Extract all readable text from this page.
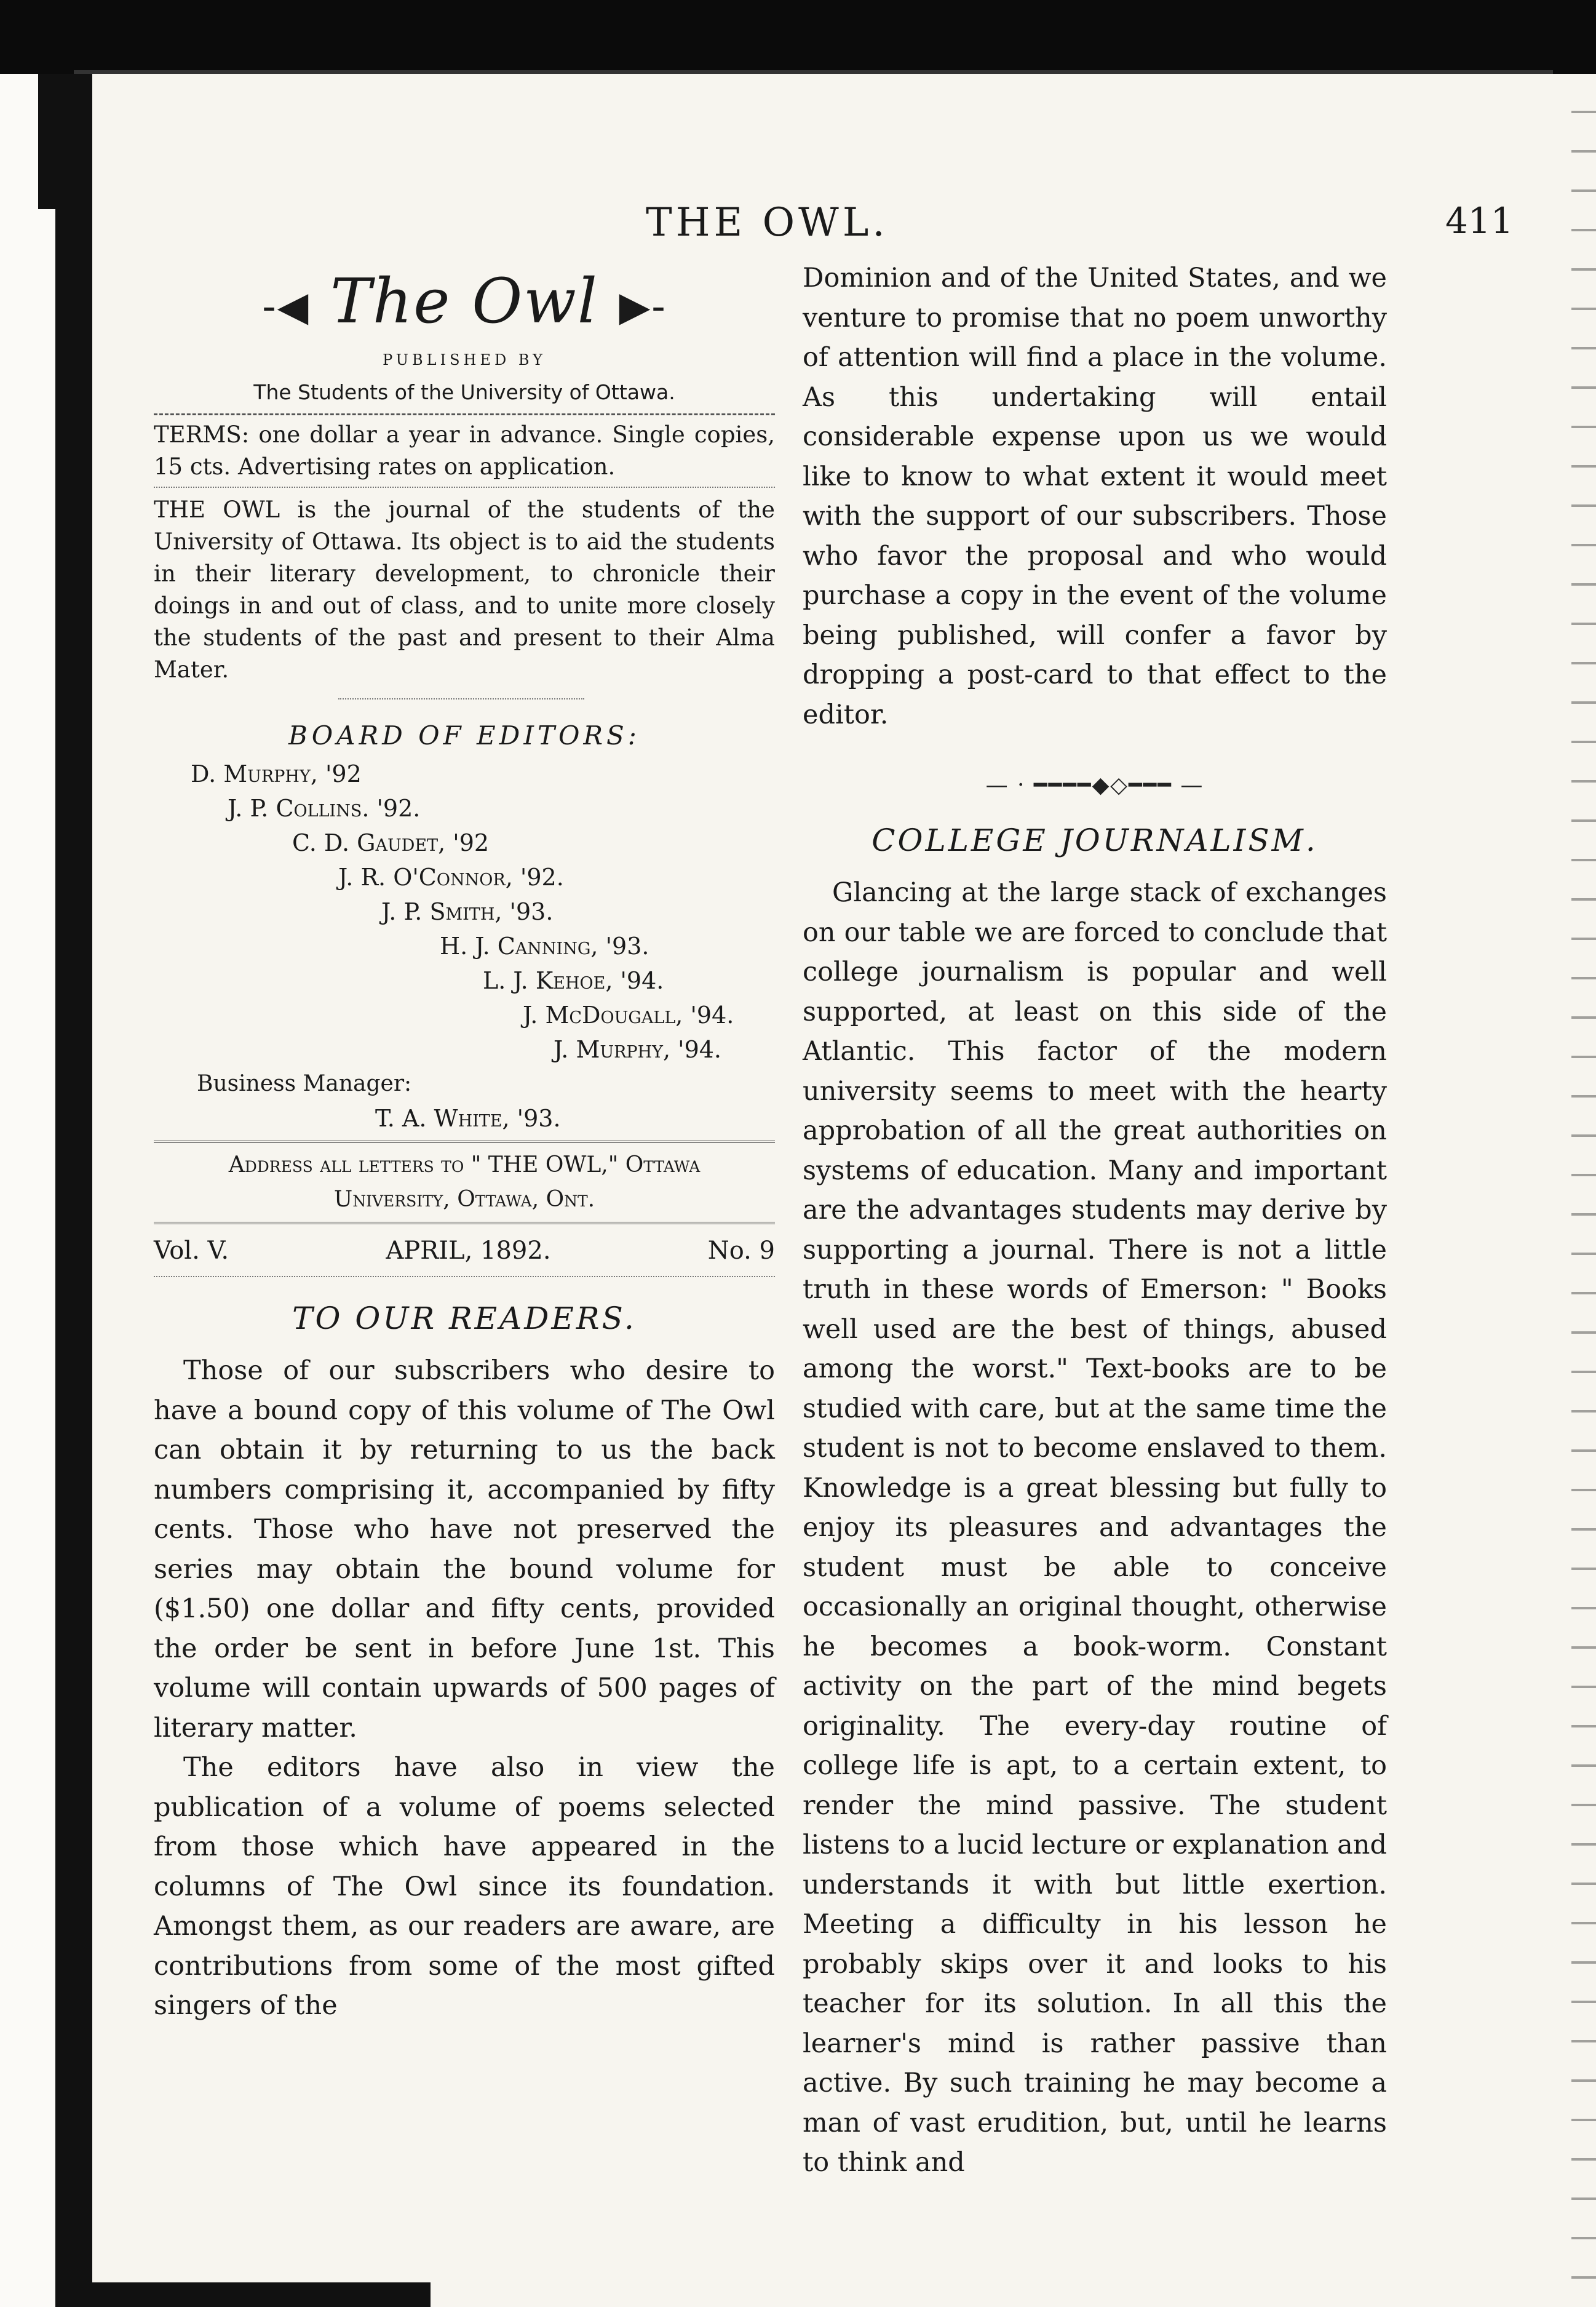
THE OWL.	411
-◀ The Owl ▶-
PUBLISHED BY
The Students of the University of Ottawa.
TERMS: one dollar a year in advance. Single copies, 15 cts. Advertising rates on application.
THE OWL is the journal of the students of the University of Ottawa. Its object is to aid the students in their literary development, to chronicle their doings in and out of class, and to unite more closely the students of the past and present to their Alma Mater.
BOARD OF EDITORS:
D. Murphy, '92
J. P. Collins. '92.
C. D. Gaudet, '92
J. R. O'Connor, '92.
J. P. Smith, '93.
H. J. Canning, '93.
L. J. Kehoe, '94.
J. McDougall, '94.
J. Murphy, '94.
Business Manager:
T. A. White, '93.
Address all letters to " THE OWL," Ottawa
University, Ottawa, Ont.
Vol. V.	APRIL, 1892.	No. 9
TO OUR READERS.

Those of our subscribers who desire to have a bound copy of this volume of The Owl can obtain it by returning to us the back numbers comprising it, accompanied by fifty cents. Those who have not preserved the series may obtain the bound volume for ($1.50) one dollar and fifty cents, provided the order be sent in before June 1st. This volume will contain upwards of 500 pages of literary matter.

The editors have also in view the publication of a volume of poems selected from those which have appeared in the columns of The Owl since its foundation. Amongst them, as our readers are aware, are contributions from some of the most gifted singers of the

Dominion and of the United States, and we venture to promise that no poem unworthy of attention will find a place in the volume. As this undertaking will entail considerable expense upon us we would like to know to what extent it would meet with the support of our subscribers. Those who favor the proposal and who would purchase a copy in the event of the volume being published, will confer a favor by dropping a post-card to that effect to the editor.

— · ━━━━◆◇━━━ —
COLLEGE JOURNALISM.

Glancing at the large stack of exchanges on our table we are forced to conclude that college journalism is popular and well supported, at least on this side of the Atlantic. This factor of the modern university seems to meet with the hearty approbation of all the great authorities on systems of education. Many and important are the advantages students may derive by supporting a journal. There is not a little truth in these words of Emerson: " Books well used are the best of things, abused among the worst." Text-books are to be studied with care, but at the same time the student is not to become enslaved to them. Knowledge is a great blessing but fully to enjoy its pleasures and advantages the student must be able to conceive occasionally an original thought, otherwise he becomes a book-worm. Constant activity on the part of the mind begets originality. The every-day routine of college life is apt, to a certain extent, to render the mind passive. The student listens to a lucid lecture or explanation and understands it with but little exertion. Meeting a difficulty in his lesson he probably skips over it and looks to his teacher for its solution. In all this the learner's mind is rather passive than active. By such training he may become a man of vast erudition, but, until he learns to think and
